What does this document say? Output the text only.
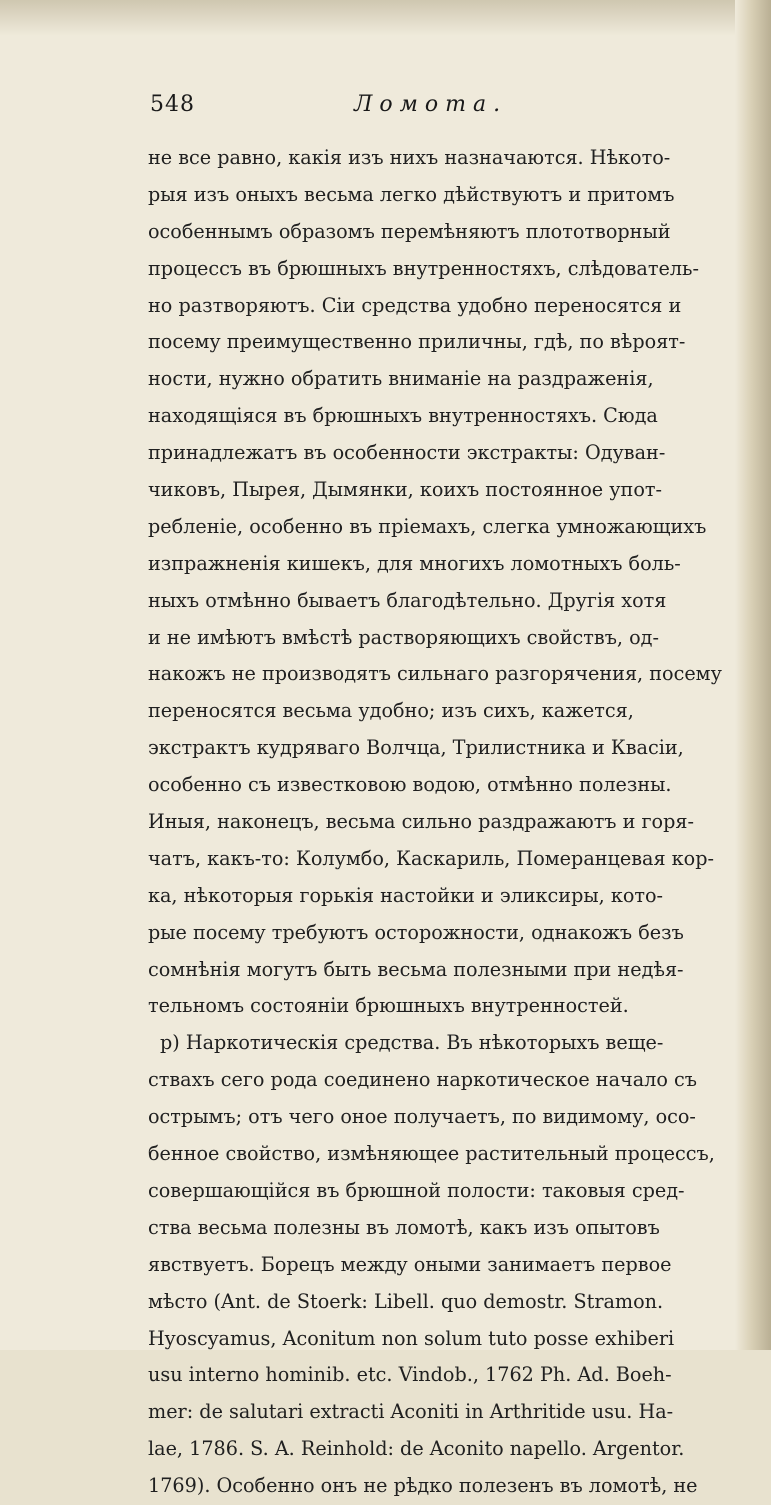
548	Ломота.
не все равно, какія изъ нихъ назначаются. Нѣкото-
рыя изъ оныхъ весьма легко дѣйствуютъ и притомъ
особеннымъ образомъ перемѣняютъ плототворный
процессъ въ брюшныхъ внутренностяхъ, слѣдователь-
но разтворяютъ. Сіи средства удобно переносятся и
посему преимущественно приличны, гдѣ, по вѣроят-
ности, нужно обратить вниманіе на раздраженія,
находящіяся въ брюшныхъ внутренностяхъ. Сюда
принадлежатъ въ особенности экстракты: Одуван-
чиковъ, Пырея, Дымянки, коихъ постоянное упот-
ребленіе, особенно въ пріемахъ, слегка умножающихъ
изпражненія кишекъ, для многихъ ломотныхъ боль-
ныхъ отмѣнно бываетъ благодѣтельно. Другія хотя
и не имѣютъ вмѣстѣ растворяющихъ свойствъ, од-
накожъ не производятъ сильнаго разгорячения, посему
переносятся весьма удобно; изъ сихъ, кажется,
экстрактъ кудряваго Волчца, Трилистника и Квасіи,
особенно съ известковою водою, отмѣнно полезны.
Иныя, наконецъ, весьма сильно раздражаютъ и горя-
чатъ, какъ-то: Колумбо, Каскариль, Померанцевая кор-
ка, нѣкоторыя горькія настойки и эликсиры, кото-
рые посему требуютъ осторожности, однакожъ безъ
сомнѣнія могутъ быть весьма полезными при недѣя-
тельномъ состояніи брюшныхъ внутренностей.
р) Наркотическія средства. Въ нѣкоторыхъ веще-
ствахъ сего рода соединено наркотическое начало съ
острымъ; отъ чего оное получаетъ, по видимому, осо-
бенное свойство, измѣняющее растительный процессъ,
совершающійся въ брюшной полости: таковыя сред-
ства весьма полезны въ ломотѣ, какъ изъ опытовъ
явствуетъ. Борецъ между оными занимаетъ первое
мѣсто (Ant. de Stoerk: Libell. quo demostr. Stramon.
Hyoscyamus, Aconitum non solum tuto posse exhiberi
usu interno hominib. etc. Vindob., 1762 Ph. Ad. Boeh-
mer: de salutari extracti Aconiti in Arthritide usu. Ha-
lae, 1786. S. A. Reinhold: de Aconito napello. Argentor.
1769). Особенно онъ не рѣдко полезенъ въ ломотѣ, не
